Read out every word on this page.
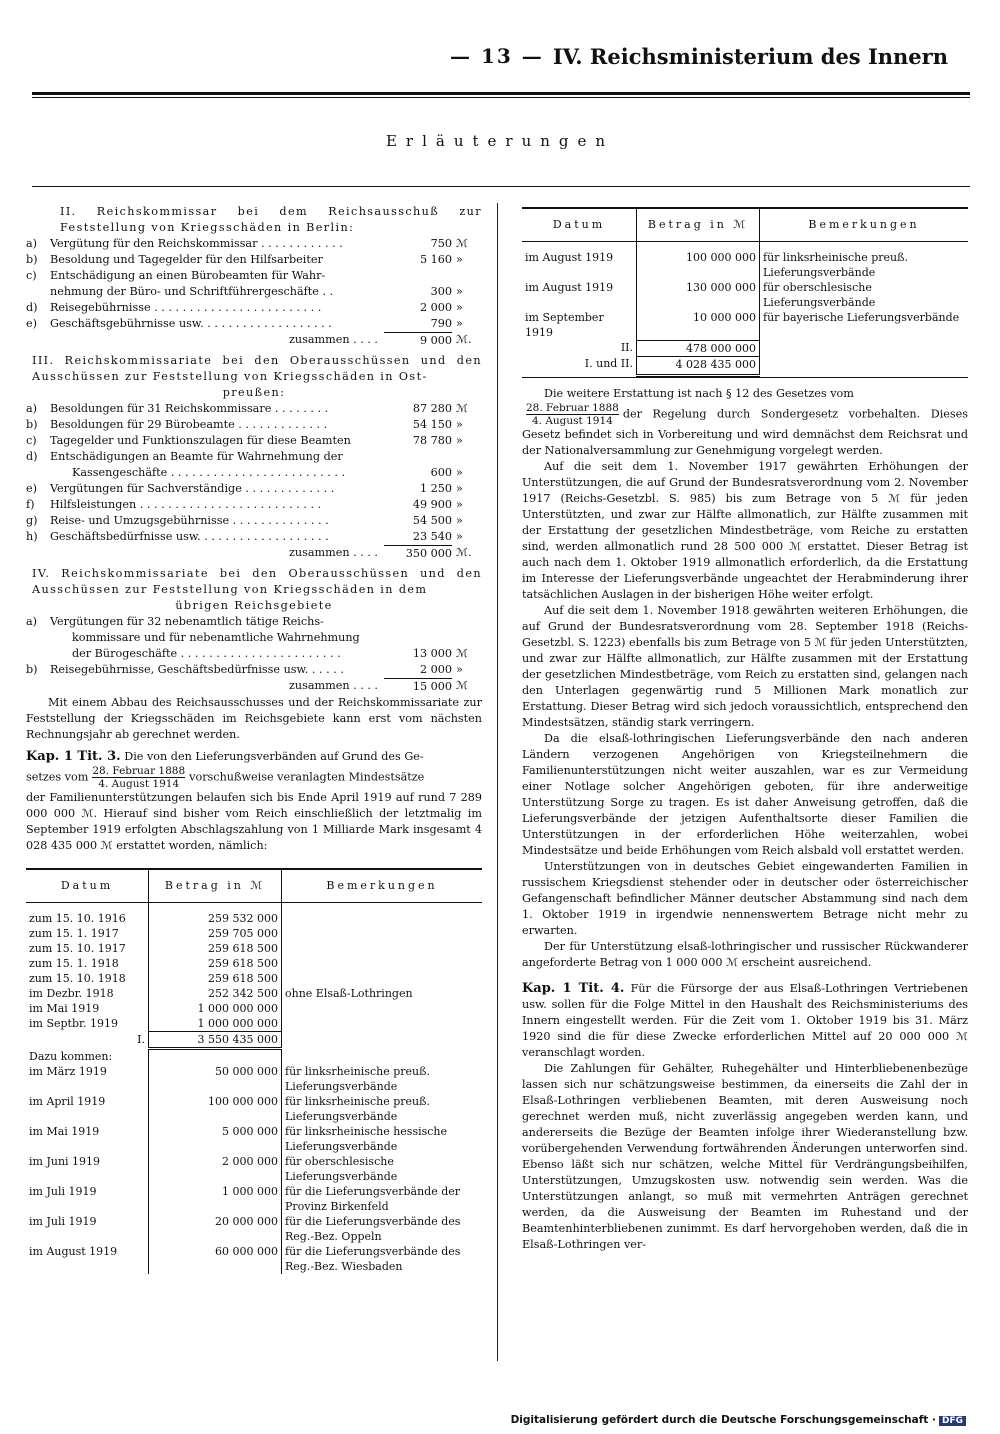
— 13 — IV. Reichsministerium des Innern
Erläuterungen

II. Reichskommissar bei dem Reichsausschuß zur Feststellung von Kriegsschäden in Berlin:

a)	Vergütung für den Reichskommissar . . . . . . . . . . . .	750 ℳ
b)	Besoldung und Tagegelder für den Hilfsarbeiter	5 160 »
c)	Entschädigung an einen Bürobeamten für Wahr-
nehmung der Büro- und Schriftführergeschäfte . .	300 »
d)	Reisegebührnisse . . . . . . . . . . . . . . . . . . . . . . . .	2 000 »
e)	Geschäftsgebührnisse usw. . . . . . . . . . . . . . . . . . .	790 »
zusammen . . . .	9 000 ℳ.

III. Reichskommissariate bei den Oberausschüssen und den Ausschüssen zur Feststellung von Kriegsschäden in Ost-

preußen:
a)	Besoldungen für 31 Reichskommissare . . . . . . . .	87 280 ℳ
b)	Besoldungen für 29 Bürobeamte . . . . . . . . . . . . .	54 150 »
c)	Tagegelder und Funktionszulagen für diese Beamten	78 780 »
d)	Entschädigungen an Beamte für Wahrnehmung der
Kassengeschäfte . . . . . . . . . . . . . . . . . . . . . . . . .	600 »
e)	Vergütungen für Sachverständige . . . . . . . . . . . . .	1 250 »
f)	Hilfsleistungen . . . . . . . . . . . . . . . . . . . . . . . . . .	49 900 »
g)	Reise- und Umzugsgebührnisse . . . . . . . . . . . . . .	54 500 »
h)	Geschäftsbedürfnisse usw. . . . . . . . . . . . . . . . . . .	23 540 »
zusammen . . . .	350 000 ℳ.

IV. Reichskommissariate bei den Oberausschüssen und den Ausschüssen zur Feststellung von Kriegsschäden in dem

übrigen Reichsgebiete
a)	Vergütungen für 32 nebenamtlich tätige Reichs-
kommissare und für nebenamtliche Wahrnehmung
der Bürogeschäfte . . . . . . . . . . . . . . . . . . . . . . .	13 000 ℳ
b)	Reisegebührnisse, Geschäftsbedürfnisse usw. . . . . .	2 000 »
zusammen . . . .	15 000 ℳ

Mit einem Abbau des Reichsausschusses und der Reichskommissariate zur Feststellung der Kriegsschäden im Reichsgebiete kann erst vom nächsten Rechnungsjahr ab gerechnet werden.

Kap. 1 Tit. 3. Die von den Lieferungsverbänden auf Grund des Ge-

setzes vom $\frac{\text{28. Februar 1888}}{\text{4. August 1914}}$ vorschußweise veranlagten Mindestsätze

der Familienunterstützungen belaufen sich bis Ende April 1919 auf rund 7 289 000 000 ℳ. Hierauf sind bisher vom Reich einschließlich der letztmalig im September 1919 erfolgten Abschlagszahlung von 1 Milliarde Mark insgesamt 4 028 435 000 ℳ erstattet worden, nämlich:

Datum	Betrag in ℳ	Bemerkungen
zum 15. 10. 1916	259 532 000	
zum 15. 1. 1917	259 705 000	
zum 15. 10. 1917	259 618 500	
zum 15. 1. 1918	259 618 500	
zum 15. 10. 1918	259 618 500	
im Dezbr. 1918	252 342 500	ohne Elsaß-Lothringen
im Mai 1919	1 000 000 000	
im Septbr. 1919	1 000 000 000	
I.	3 550 435 000	
Dazu kommen:		
im März 1919	50 000 000	für linksrheinische preuß. Lieferungsverbände
im April 1919	100 000 000	für linksrheinische preuß. Lieferungsverbände
im Mai 1919	5 000 000	für linksrheinische hessische Lieferungsverbände
im Juni 1919	2 000 000	für oberschlesische Lieferungsverbände
im Juli 1919	1 000 000	für die Lieferungsverbände der Provinz Birkenfeld
im Juli 1919	20 000 000	für die Lieferungsverbände des Reg.-Bez. Oppeln
im August 1919	60 000 000	für die Lieferungsverbände des Reg.-Bez. Wiesbaden
Datum	Betrag in ℳ	Bemerkungen
im August 1919	100 000 000	für linksrheinische preuß. Lieferungsverbände
im August 1919	130 000 000	für oberschlesische Lieferungsverbände
im September 1919	10 000 000	für bayerische Lieferungsverbände
II.	478 000 000	
I. und II.	4 028 435 000	

Die weitere Erstattung ist nach § 12 des Gesetzes vom

$\frac{\text{28. Februar 1888}}{\text{4. August 1914}}$ der Regelung durch Sondergesetz vorbehalten. Dieses Gesetz befindet sich in Vorbereitung und wird demnächst dem Reichsrat und der Nationalversammlung zur Genehmigung vorgelegt werden.

Auf die seit dem 1. November 1917 gewährten Erhöhungen der Unterstützungen, die auf Grund der Bundesratsverordnung vom 2. November 1917 (Reichs-Gesetzbl. S. 985) bis zum Betrage von 5 ℳ für jeden Unterstützten, und zwar zur Hälfte allmonatlich, zur Hälfte zusammen mit der Erstattung der gesetzlichen Mindestbeträge, vom Reiche zu erstatten sind, werden allmonatlich rund 28 500 000 ℳ erstattet. Dieser Betrag ist auch nach dem 1. Oktober 1919 allmonatlich erforderlich, da die Erstattung im Interesse der Lieferungsverbände ungeachtet der Herabminderung ihrer tatsächlichen Auslagen in der bisherigen Höhe weiter erfolgt.

Auf die seit dem 1. November 1918 gewährten weiteren Erhöhungen, die auf Grund der Bundesratsverordnung vom 28. September 1918 (Reichs-Gesetzbl. S. 1223) ebenfalls bis zum Betrage von 5 ℳ für jeden Unterstützten, und zwar zur Hälfte allmonatlich, zur Hälfte zusammen mit der Erstattung der gesetzlichen Mindestbeträge, vom Reich zu erstatten sind, gelangen nach den Unterlagen gegenwärtig rund 5 Millionen Mark monatlich zur Erstattung. Dieser Betrag wird sich jedoch voraussichtlich, entsprechend den Mindestsätzen, ständig stark verringern.

Da die elsaß-lothringischen Lieferungsverbände den nach anderen Ländern verzogenen Angehörigen von Kriegsteilnehmern die Familienunterstützungen nicht weiter auszahlen, war es zur Vermeidung einer Notlage solcher Angehörigen geboten, für ihre anderweitige Unterstützung Sorge zu tragen. Es ist daher Anweisung getroffen, daß die Lieferungsverbände der jetzigen Aufenthaltsorte dieser Familien die Unterstützungen in der erforderlichen Höhe weiterzahlen, wobei Mindestsätze und beide Erhöhungen vom Reich alsbald voll erstattet werden.

Unterstützungen von in deutsches Gebiet eingewanderten Familien in russischem Kriegsdienst stehender oder in deutscher oder österreichischer Gefangenschaft befindlicher Männer deutscher Abstammung sind nach dem 1. Oktober 1919 in irgendwie nennenswertem Betrage nicht mehr zu erwarten.

Der für Unterstützung elsaß-lothringischer und russischer Rückwanderer angeforderte Betrag von 1 000 000 ℳ erscheint ausreichend.

Kap. 1 Tit. 4. Für die Fürsorge der aus Elsaß-Lothringen Vertriebenen usw. sollen für die Folge Mittel in den Haushalt des Reichsministeriums des Innern eingestellt werden. Für die Zeit vom 1. Oktober 1919 bis 31. März 1920 sind die für diese Zwecke erforderlichen Mittel auf 20 000 000 ℳ veranschlagt worden.

Die Zahlungen für Gehälter, Ruhegehälter und Hinterbliebenenbezüge lassen sich nur schätzungsweise bestimmen, da einerseits die Zahl der in Elsaß-Lothringen verbliebenen Beamten, mit deren Ausweisung noch gerechnet werden muß, nicht zuverlässig angegeben werden kann, und andererseits die Bezüge der Beamten infolge ihrer Wiederanstellung bzw. vorübergehenden Verwendung fortwährenden Änderungen unterworfen sind. Ebenso läßt sich nur schätzen, welche Mittel für Verdrängungsbeihilfen, Unterstützungen, Umzugskosten usw. notwendig sein werden. Was die Unterstützungen anlangt, so muß mit vermehrten Anträgen gerechnet werden, da die Ausweisung der Beamten im Ruhestand und der Beamtenhinterbliebenen zunimmt. Es darf hervorgehoben werden, daß die in Elsaß-Lothringen ver-

Digitalisierung gefördert durch die Deutsche Forschungsgemeinschaft · DFG
